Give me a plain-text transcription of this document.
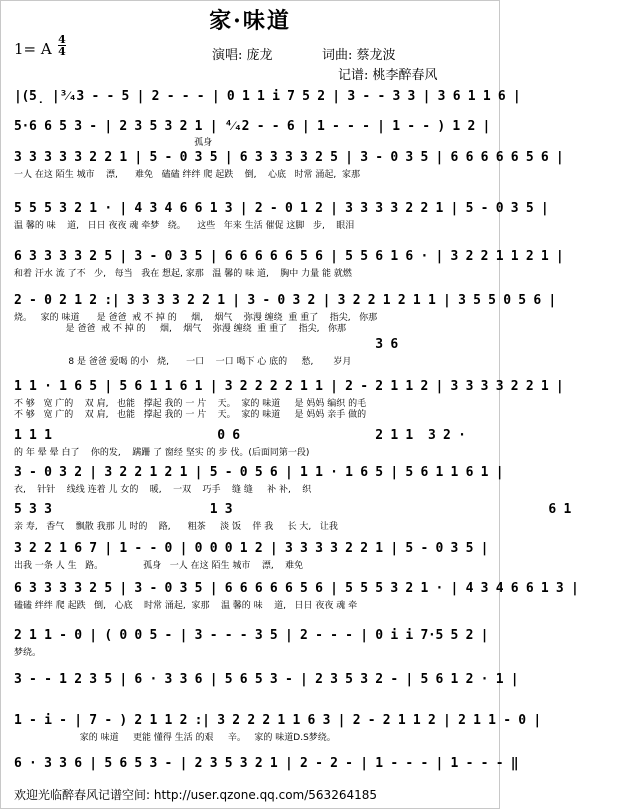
家·味道
1= A
4
4	演唱: 庞龙	词曲: 蔡龙波
记谱: 桃李醉春风
|(5̣ |³⁄₄3 - - 5 | 2 - - - | 0 1 1 i 7 5 2 | 3 - - 3 3 | 3 6 1 1 6 |
5·6 6 5 3 - | 2 3 5 3 2 1 | ⁴⁄₄2 - - 6 | 1 - - - | 1 - - ) 1 2 |
孤身
3 3 3 3 3 2 2 1 | 5 - 0 3 5 | 6 3 3 3 3 2 5 | 3 - 0 3 5 | 6 6 6 6 6 5 6 |
一人 在这 陌生 城市    漂,      难免   磕磕 绊绊 爬 起跌    倒,    心底   时常 涌起,  家那
5 5 5 3 2 1 · | 4 3 4 6 6 1 3 | 2 - 0 1 2 | 3 3 3 3 2 2 1 | 5 - 0 3 5 |
温 馨的 味    道,   日日 夜夜 魂 牵梦   绕。    这些   年来 生活 催促 这脚   步,    眼泪
6 3 3 3 3 2 5 | 3 - 0 3 5 | 6 6 6 6 6 5 6 | 5 5 6 1 6 · | 3 2 2 1 1 2 1 |
和着 汗水 流 了不   少,   每当   我在 想起, 家那   温 馨的 味 道,    胸中 力量 能 就燃
2 - 0 2 1 2 :| 3 3 3 3 2 2 1 | 3 - 0 3 2 | 3 2 2 1 2 1 1 | 3 5 5 0 5 6 |
烧。   家的 味道      是 爸爸  戒 不 掉 的     烟,    烟气    弥漫 缠绕  重 重了    指尖,   你那
是 爸爸  戒 不 掉 的     烟,    烟气    弥漫 缠绕  重 重了    指尖,   你那
3 6
8 是 爸爸 爱喝 的小   烧,      一口    一口 喝下 心 底的     愁,       岁月
1 1 · 1 6 5 | 5 6 1 1 6 1 | 3 2 2 2 2 1 1 | 2 - 2 1 1 2 | 3 3 3 3 2 2 1 |
不 够   宽 广的    双 肩,   也能   撑起 我的 一 片    天。  家的 味道     是 妈妈 编织 的毛
不 够   宽 广的    双 肩,   也能   撑起 我的 一 片    天。  家的 味道     是 妈妈 亲手 做的
1 1 1                      0 6                  2 1 1  3 2 ·
的 年 晕 晕 白了    你的发,    蹒跚 了 窗经 坚实 的 步 伐。(后面同第一段)
3 - 0 3 2 | 3 2 2 1 2 1 | 5 - 0 5 6 | 1 1 · 1 6 5 | 5 6 1 1 6 1 |
衣,    针针    线线 连着 儿 女的    暖,    一双    巧手    缝 缝     补 补,    织
5 3 3                     1 3                                          6 1
亲 寿,   香气    飘散 我那 儿 时的    路,      粗茶     淡 饭    伴 我     长 大,   让我
3 2 2 1 6 7 | 1 - - 0 | 0 0 0 1 2 | 3 3 3 3 2 2 1 | 5 - 0 3 5 |
出我 一条 人 生   路。              孤身   一人 在这 陌生 城市    漂,    难免
6 3 3 3 3 2 5 | 3 - 0 3 5 | 6 6 6 6 6 5 6 | 5 5 5 3 2 1 · | 4 3 4 6 6 1 3 |
磕磕 绊绊 爬 起跌   倒,   心底    时常 涌起,  家那    温 馨的 味    道,   日日 夜夜 魂 牵
2 1 1 - 0 | ( 0 0 5 - | 3 - - - 3 5 | 2 - - - | 0 i i 7·5 5 2 |
梦绕。
3 - - 1 2 3 5 | 6 · 3 3 6 | 5 6 5 3 - | 2 3 5 3 2 - | 5 6 1 2 · 1 |
1 - i - | 7 - ) 2 1 1 2 :| 3 2 2 2 1 1 6 3 | 2 - 2 1 1 2 | 2 1 1 - 0 |
家的 味道     更能 懂得 生活 的艰     辛。   家的 味道D.S梦绕。
6 · 3 3 6 | 5 6 5 3 - | 2 3 5 3 2 1 | 2 - 2 - | 1 - - - | 1 - - - ‖
欢迎光临醉春风记谱空间: http://user.qzone.qq.com/563264185
